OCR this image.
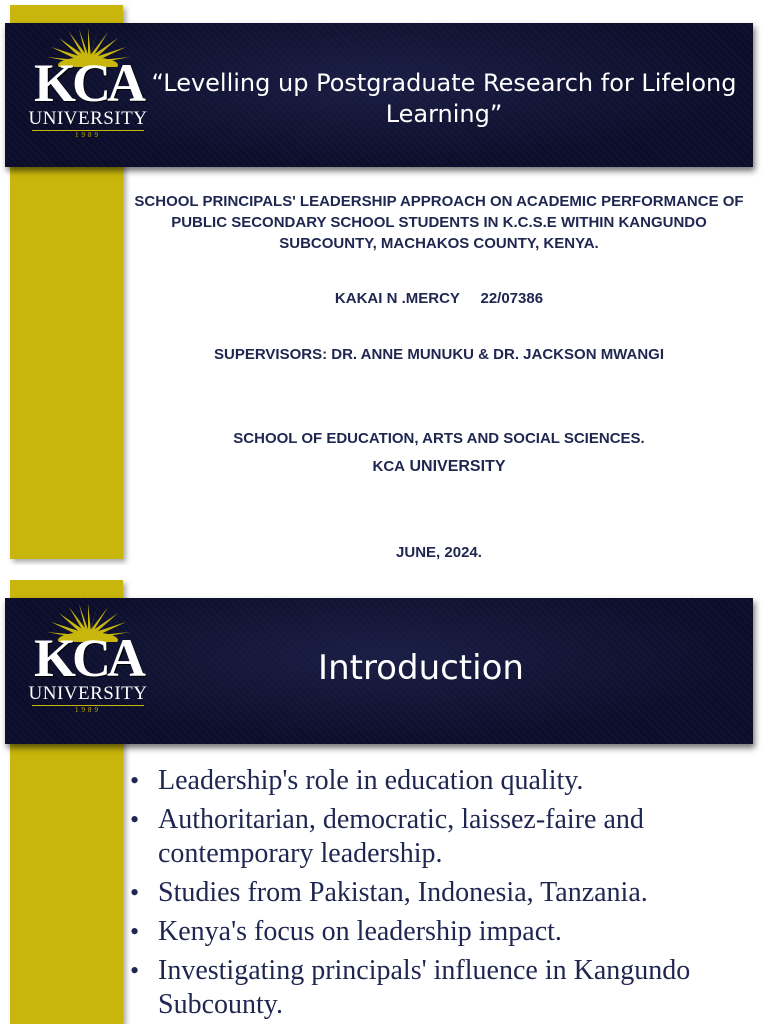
KCA
UNIVERSITY
1989
“Levelling up Postgraduate Research for Lifelong Learning”
SCHOOL PRINCIPALS' LEADERSHIP APPROACH ON ACADEMIC PERFORMANCE OF PUBLIC SECONDARY SCHOOL STUDENTS IN K.C.S.E WITHIN KANGUNDO SUBCOUNTY, MACHAKOS COUNTY, KENYA.
KAKAI N .MERCY     22/07386
SUPERVISORS: DR. ANNE MUNUKU & DR. JACKSON MWANGI
SCHOOL OF EDUCATION, ARTS AND SOCIAL SCIENCES.
KCA UNIVERSITY
JUNE, 2024.
KCA
UNIVERSITY
1989
Introduction
• Leadership's role in education quality.
• Authoritarian, democratic, laissez-faire and contemporary leadership.
• Studies from Pakistan, Indonesia, Tanzania.
• Kenya's focus on leadership impact.
• Investigating principals' influence in Kangundo Subcounty.
